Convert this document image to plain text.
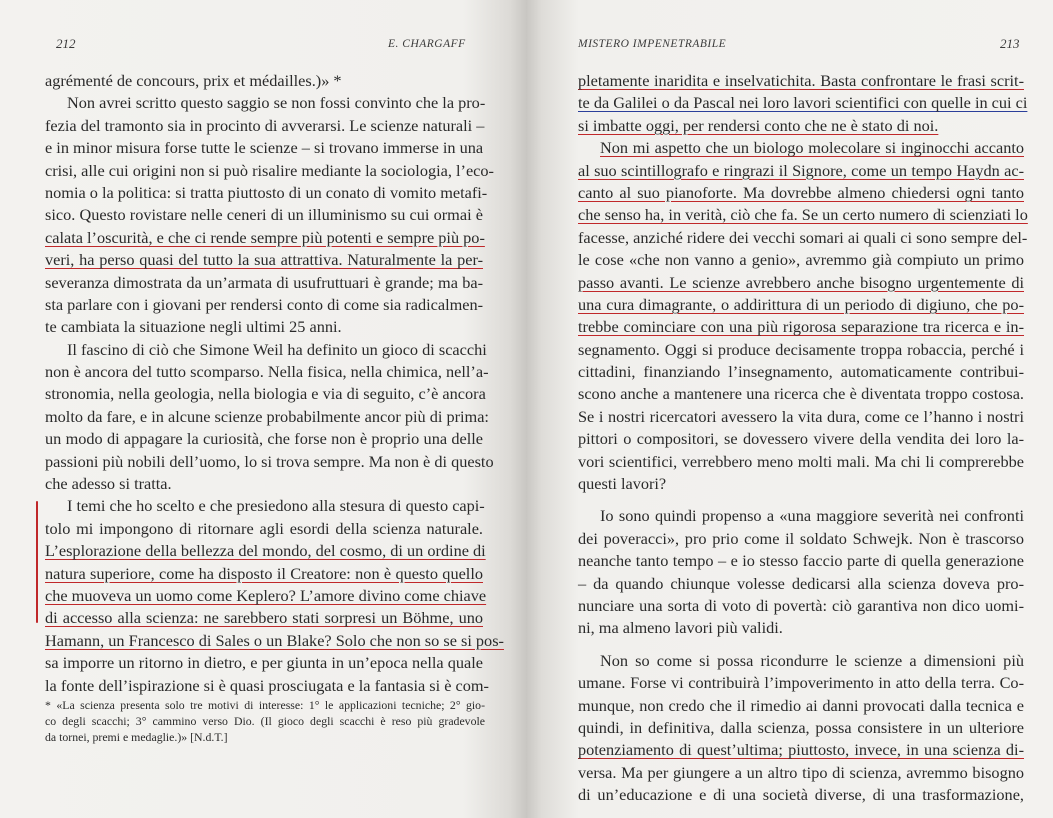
212	E. CHARGAFF
agrémenté de concours, prix et médailles.)» *
Non avrei scritto questo saggio se non fossi convinto che la pro-
fezia del tramonto sia in procinto di avverarsi. Le scienze naturali –
e in minor misura forse tutte le scienze – si trovano immerse in una
crisi, alle cui origini non si può risalire mediante la sociologia, l’eco-
nomia o la politica: si tratta piuttosto di un conato di vomito metafi-
sico. Questo rovistare nelle ceneri di un illuminismo su cui ormai è
calata l’oscurità, e che ci rende sempre più potenti e sempre più po-
veri, ha perso quasi del tutto la sua attrattiva. Naturalmente la per-
severanza dimostrata da un’armata di usufruttuari è grande; ma ba-
sta parlare con i giovani per rendersi conto di come sia radicalmen-
te cambiata la situazione negli ultimi 25 anni.
Il fascino di ciò che Simone Weil ha definito un gioco di scacchi
non è ancora del tutto scomparso. Nella fisica, nella chimica, nell’a-
stronomia, nella geologia, nella biologia e via di seguito, c’è ancora
molto da fare, e in alcune scienze probabilmente ancor più di prima:
un modo di appagare la curiosità, che forse non è proprio una delle
passioni più nobili dell’uomo, lo si trova sempre. Ma non è di questo
che adesso si tratta.
I temi che ho scelto e che presiedono alla stesura di questo capi-
tolo mi impongono di ritornare agli esordi della scienza naturale.
L’esplorazione della bellezza del mondo, del cosmo, di un ordine di
natura superiore, come ha disposto il Creatore: non è questo quello
che muoveva un uomo come Keplero? L’amore divino come chiave
di accesso alla scienza: ne sarebbero stati sorpresi un Böhme, uno
Hamann, un Francesco di Sales o un Blake? Solo che non so se si pos-
sa imporre un ritorno in dietro, e per giunta in un’epoca nella quale
la fonte dell’ispirazione si è quasi prosciugata e la fantasia si è com-
* «La scienza presenta solo tre motivi di interesse: 1° le applicazioni tecniche; 2° gio-
co degli scacchi; 3° cammino verso Dio. (Il gioco degli scacchi è reso più gradevole
da tornei, premi e medaglie.)» [N.d.T.]
MISTERO IMPENETRABILE	213
pletamente inaridita e inselvatichita. Basta confrontare le frasi scrit-
te da Galilei o da Pascal nei loro lavori scientifici con quelle in cui ci
si imbatte oggi, per rendersi conto che ne è stato di noi.
Non mi aspetto che un biologo molecolare si inginocchi accanto
al suo scintillografo e ringrazi il Signore, come un tempo Haydn ac-
canto al suo pianoforte. Ma dovrebbe almeno chiedersi ogni tanto
che senso ha, in verità, ciò che fa. Se un certo numero di scienziati lo
facesse, anziché ridere dei vecchi somari ai quali ci sono sempre del-
le cose «che non vanno a genio», avremmo già compiuto un primo
passo avanti. Le scienze avrebbero anche bisogno urgentemente di
una cura dimagrante, o addirittura di un periodo di digiuno, che po-
trebbe cominciare con una più rigorosa separazione tra ricerca e in-
segnamento. Oggi si produce decisamente troppa robaccia, perché i
cittadini, finanziando l’insegnamento, automaticamente contribui-
scono anche a mantenere una ricerca che è diventata troppo costosa.
Se i nostri ricercatori avessero la vita dura, come ce l’hanno i nostri
pittori o compositori, se dovessero vivere della vendita dei loro la-
vori scientifici, verrebbero meno molti mali. Ma chi li comprerebbe
questi lavori?
Io sono quindi propenso a «una maggiore severità nei confronti
dei poveracci», pro prio come il soldato Schwejk. Non è trascorso
neanche tanto tempo – e io stesso faccio parte di quella generazione
– da quando chiunque volesse dedicarsi alla scienza doveva pro-
nunciare una sorta di voto di povertà: ciò garantiva non dico uomi-
ni, ma almeno lavori più validi.
Non so come si possa ricondurre le scienze a dimensioni più
umane. Forse vi contribuirà l’impoverimento in atto della terra. Co-
munque, non credo che il rimedio ai danni provocati dalla tecnica e
quindi, in definitiva, dalla scienza, possa consistere in un ulteriore
potenziamento di quest’ultima; piuttosto, invece, in una scienza di-
versa. Ma per giungere a un altro tipo di scienza, avremmo bisogno
di un’educazione e di una società diverse, di una trasformazione,
